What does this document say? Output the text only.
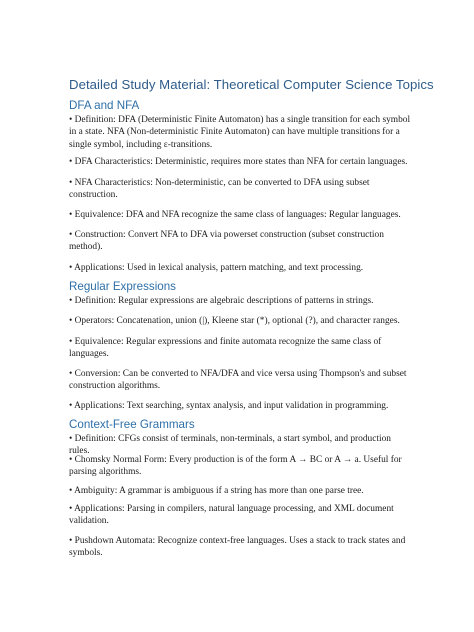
Detailed Study Material: Theoretical Computer Science Topics
DFA and NFA

• Definition: DFA (Deterministic Finite Automaton) has a single transition for each symbol in a state. NFA (Non-deterministic Finite Automaton) can have multiple transitions for a single symbol, including ε-transitions.

• DFA Characteristics: Deterministic, requires more states than NFA for certain languages.

• NFA Characteristics: Non-deterministic, can be converted to DFA using subset construction.

• Equivalence: DFA and NFA recognize the same class of languages: Regular languages.

• Construction: Convert NFA to DFA via powerset construction (subset construction method).

• Applications: Used in lexical analysis, pattern matching, and text processing.

Regular Expressions

• Definition: Regular expressions are algebraic descriptions of patterns in strings.

• Operators: Concatenation, union (|), Kleene star (*), optional (?), and character ranges.

• Equivalence: Regular expressions and finite automata recognize the same class of languages.

• Conversion: Can be converted to NFA/DFA and vice versa using Thompson's and subset construction algorithms.

• Applications: Text searching, syntax analysis, and input validation in programming.

Context-Free Grammars

• Definition: CFGs consist of terminals, non-terminals, a start symbol, and production rules.

• Chomsky Normal Form: Every production is of the form A → BC or A → a. Useful for parsing algorithms.

• Ambiguity: A grammar is ambiguous if a string has more than one parse tree.

• Applications: Parsing in compilers, natural language processing, and XML document validation.

• Pushdown Automata: Recognize context-free languages. Uses a stack to track states and symbols.
